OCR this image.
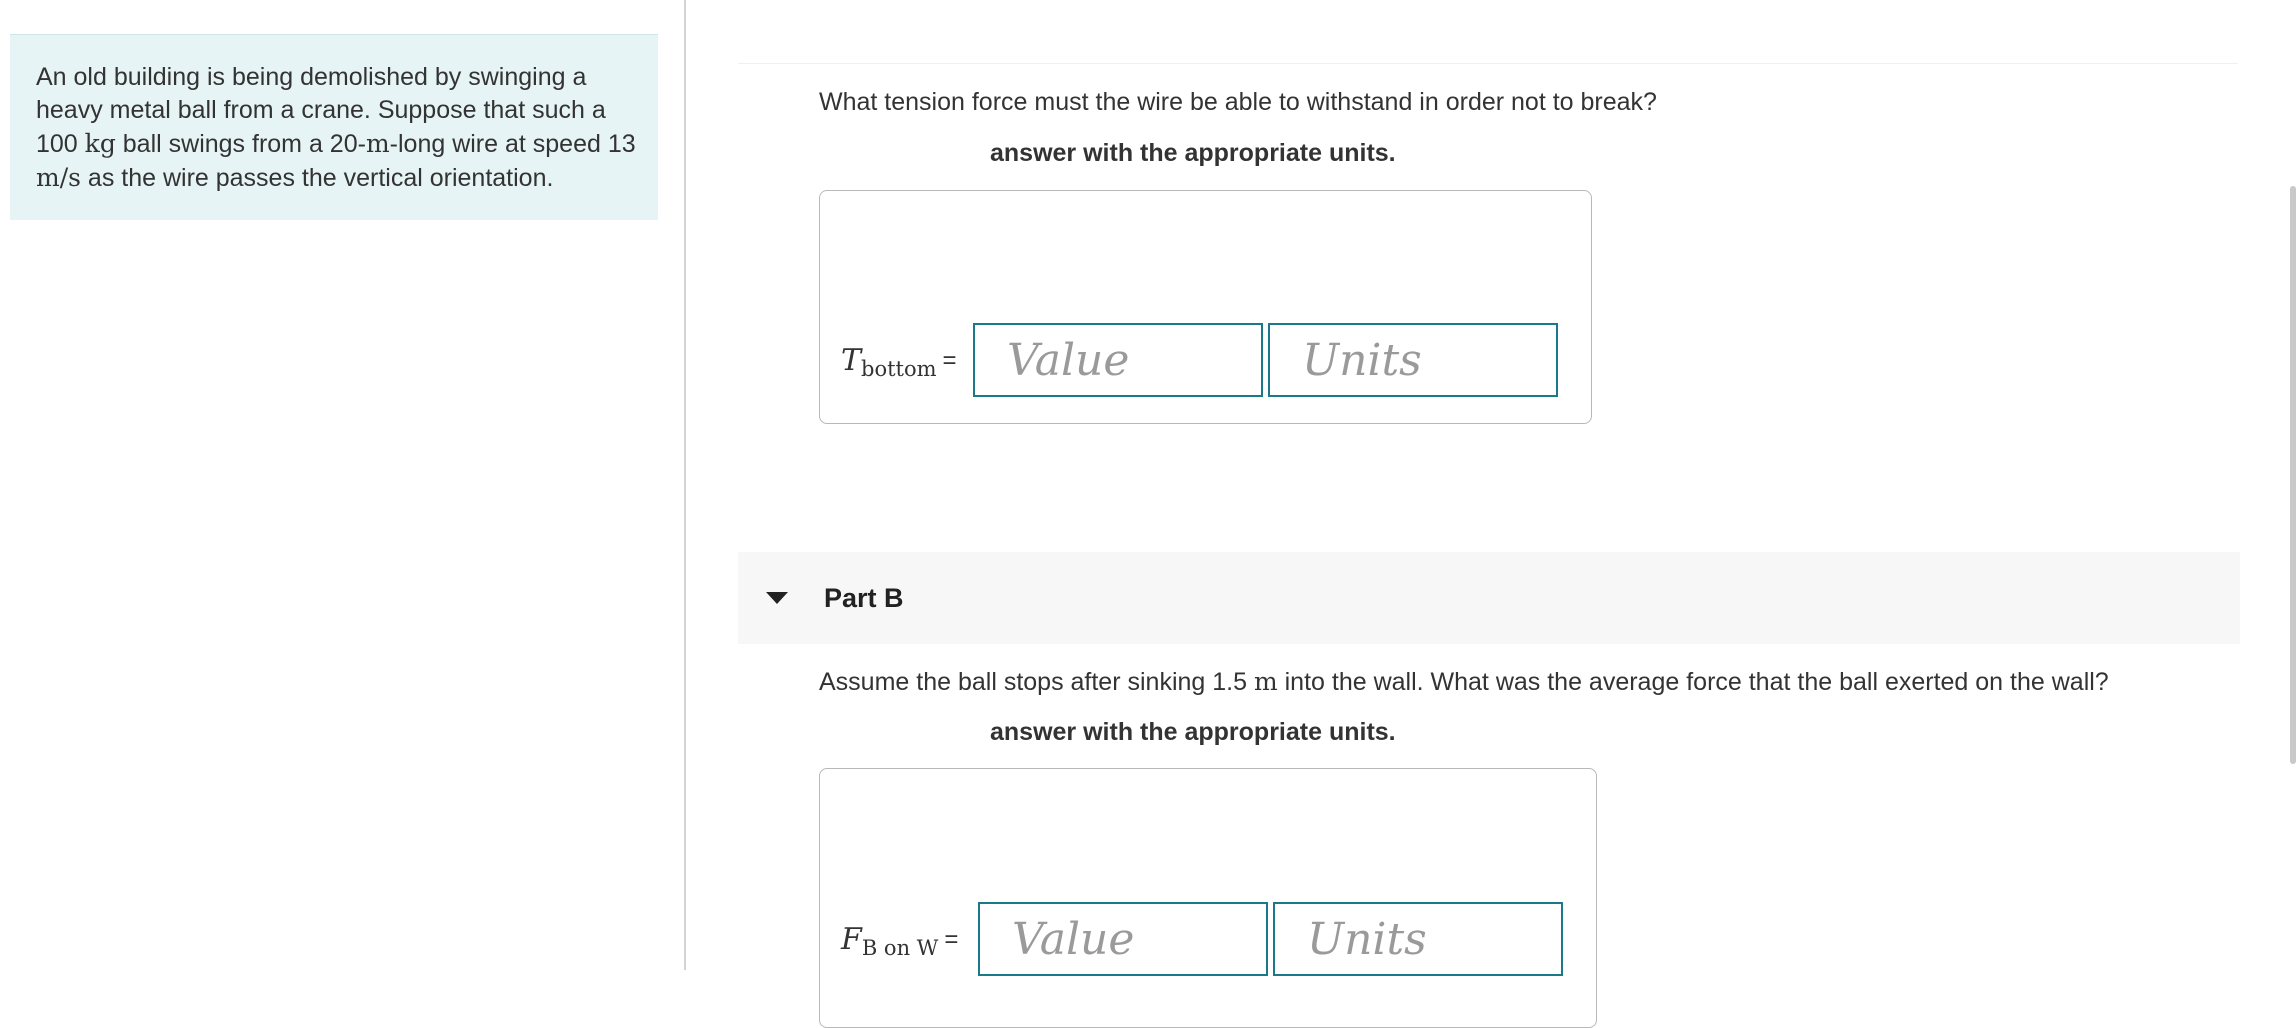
An old building is being demolished by swinging a heavy metal ball from a crane. Suppose that such a 100 kg ball swings from a 20-m-long wire at speed 13 m/s as the wire passes the vertical orientation.

What tension force must the wire be able to withstand in order not to break?

answer with the appropriate units.

$T_{bottom}$ =
Value
Units

Part B

Assume the ball stops after sinking 1.5 m into the wall. What was the average force that the ball exerted on the wall?

answer with the appropriate units.

$F_{B on W}$ =
Value
Units
